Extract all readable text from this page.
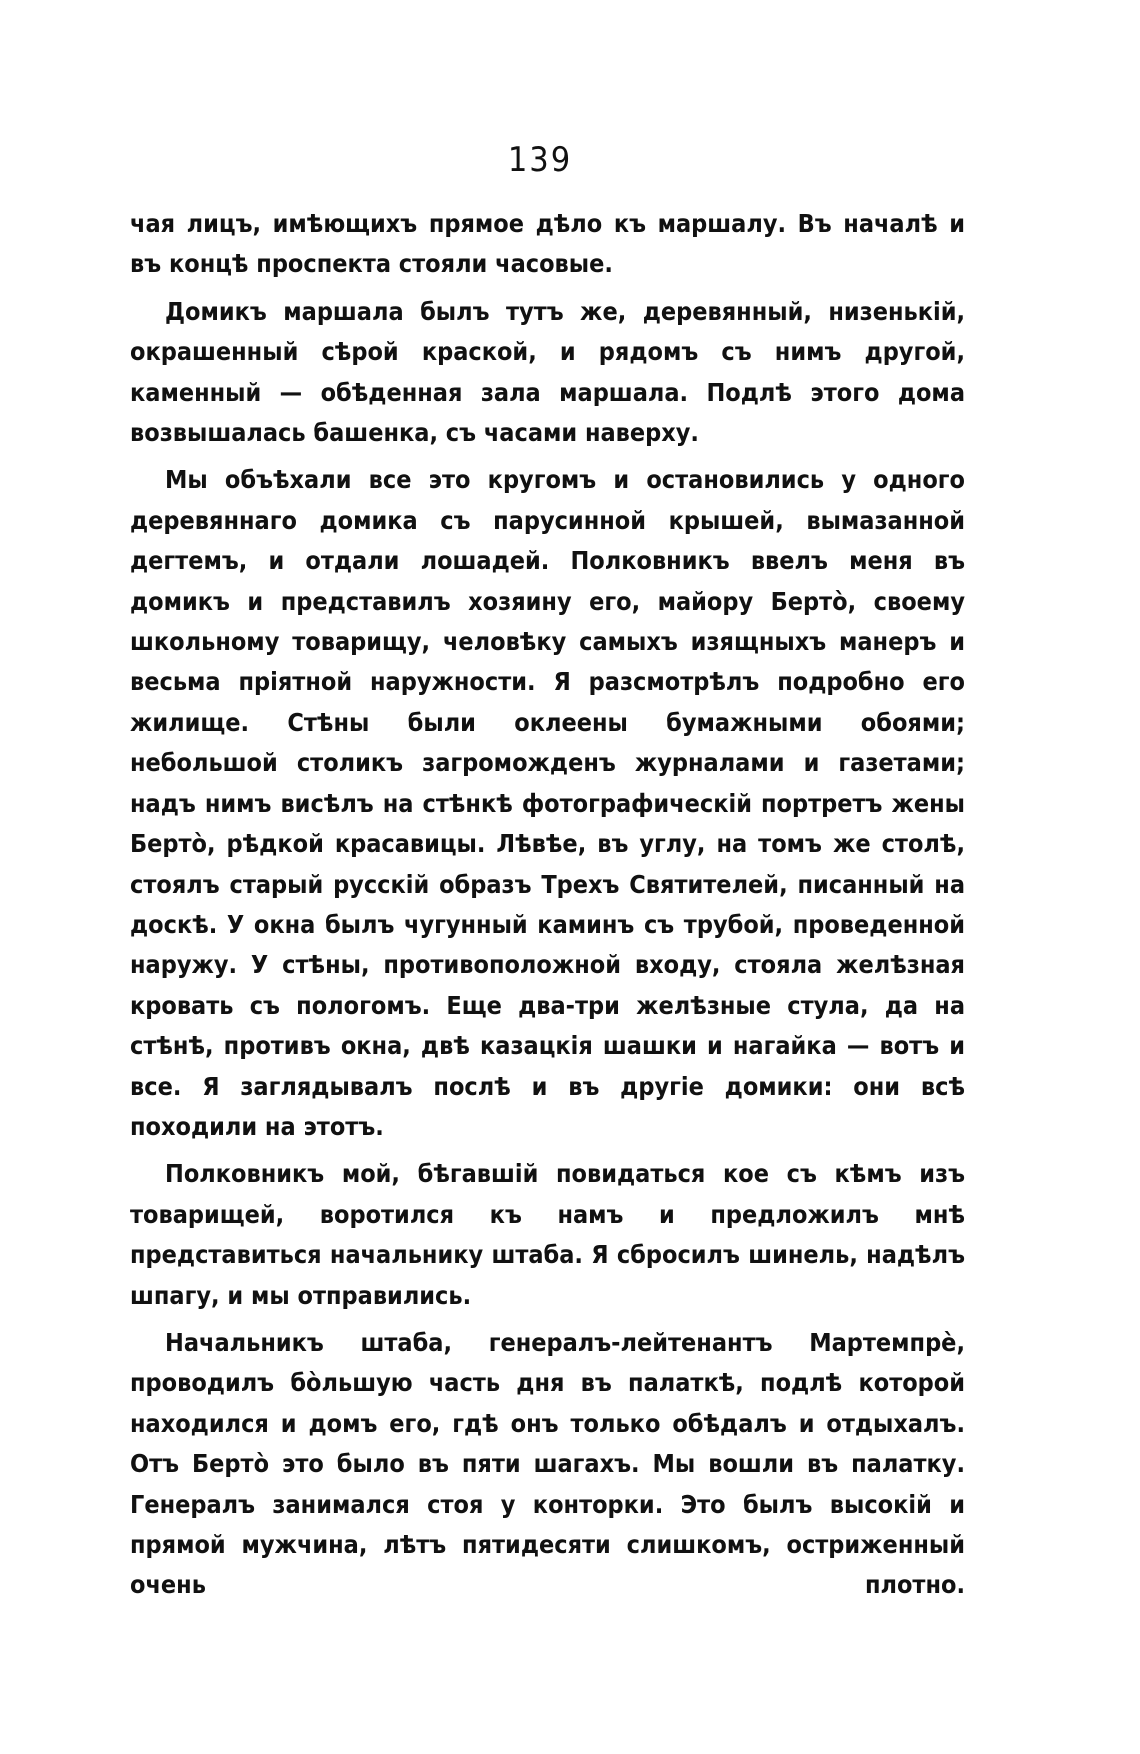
139

чая лицъ, имѣющихъ прямое дѣло къ маршалу. Въ началѣ и въ концѣ проспекта стояли часовые.

Домикъ маршала былъ тутъ же, деревянный, низенькій, окрашенный сѣрой краской, и рядомъ съ нимъ другой, каменный — обѣденная зала маршала. Подлѣ этого дома возвышалась башенка, съ часами наверху.

Мы объѣхали все это кругомъ и остановились у одного деревяннаго домика съ парусинной крышей, вымазанной дегтемъ, и отдали лошадей. Полковникъ ввелъ меня въ домикъ и представилъ хозяину его, майору Бертò, своему школьному товарищу, человѣку самыхъ изящныхъ манеръ и весьма пріятной наружности. Я разсмотрѣлъ подробно его жилище. Стѣны были оклеены бумажными обоями; небольшой столикъ загроможденъ журналами и газетами; надъ нимъ висѣлъ на стѣнкѣ фотографическій портретъ жены Бертò, рѣдкой красавицы. Лѣвѣе, въ углу, на томъ же столѣ, стоялъ старый русскій образъ Трехъ Святителей, писанный на доскѣ. У окна былъ чугунный каминъ съ трубой, проведенной наружу. У стѣны, противоположной входу, стояла желѣзная кровать съ пологомъ. Еще два-три желѣзные стула, да на стѣнѣ, противъ окна, двѣ казацкія шашки и нагайка — вотъ и все. Я заглядывалъ послѣ и въ другіе домики: они всѣ походили на этотъ.

Полковникъ мой, бѣгавшій повидаться кое съ кѣмъ изъ товарищей, воротился къ намъ и предложилъ мнѣ представиться начальнику штаба. Я сбросилъ шинель, надѣлъ шпагу, и мы отправились.

Начальникъ штаба, генералъ-лейтенантъ Мартемпрè, проводилъ бòльшую часть дня въ палаткѣ, подлѣ которой находился и домъ его, гдѣ онъ только обѣдалъ и отдыхалъ. Отъ Бертò это было въ пяти шагахъ. Мы вошли въ палатку. Генералъ занимался стоя у конторки. Это былъ высокій и прямой мужчина, лѣтъ пятидесяти слишкомъ, остриженный очень плотно.
